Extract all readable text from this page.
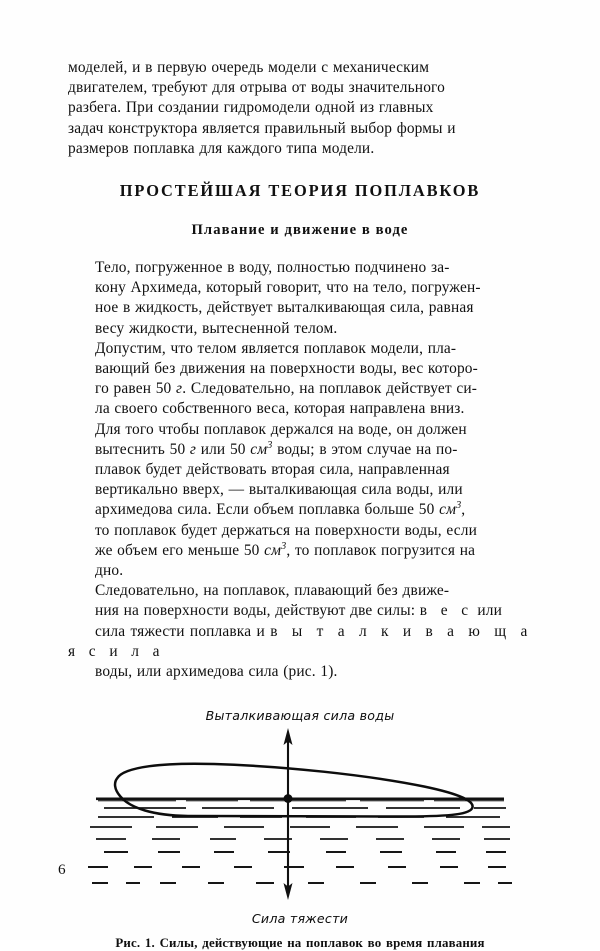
моделей, и в первую очередь модели с механическим
двигателем, требуют для отрыва от воды значительного
разбега. При создании гидромодели одной из главных
задач конструктора является правильный выбор формы и
размеров поплавка для каждого типа модели.

ПРОСТЕЙШАЯ ТЕОРИЯ ПОПЛАВКОВ
Плавание и движение в воде

Тело, погруженное в воду, полностью подчинено за-
кону Архимеда, который говорит, что на тело, погружен-
ное в жидкость, действует выталкивающая сила, равная
весу жидкости, вытесненной телом.

Допустим, что телом является поплавок модели, пла-
вающий без движения на поверхности воды, вес которо-
го равен 50 г. Следовательно, на поплавок действует си-
ла своего собственного веса, которая направлена вниз.
Для того чтобы поплавок держался на воде, он должен
вытеснить 50 г или 50 $см^3$ воды; в этом случае на по-
плавок будет действовать вторая сила, направленная
вертикально вверх, — выталкивающая сила воды, или
архимедова сила. Если объем поплавка больше 50 $см^3$,
то поплавок будет держаться на поверхности воды, если
же объем его меньше 50 $см^3$, то поплавок погрузится на
дно.

Следовательно, на поплавок, плавающий без движе-
ния на поверхности воды, действуют две силы: в е с или
сила тяжести поплавка и в ы т а л к и в а ю щ а я с и л а
воды, или архимедова сила (рис. 1).

Выталкивающая сила воды
Сила тяжести
Рис. 1. Силы, действующие на поплавок во время плавания
6
